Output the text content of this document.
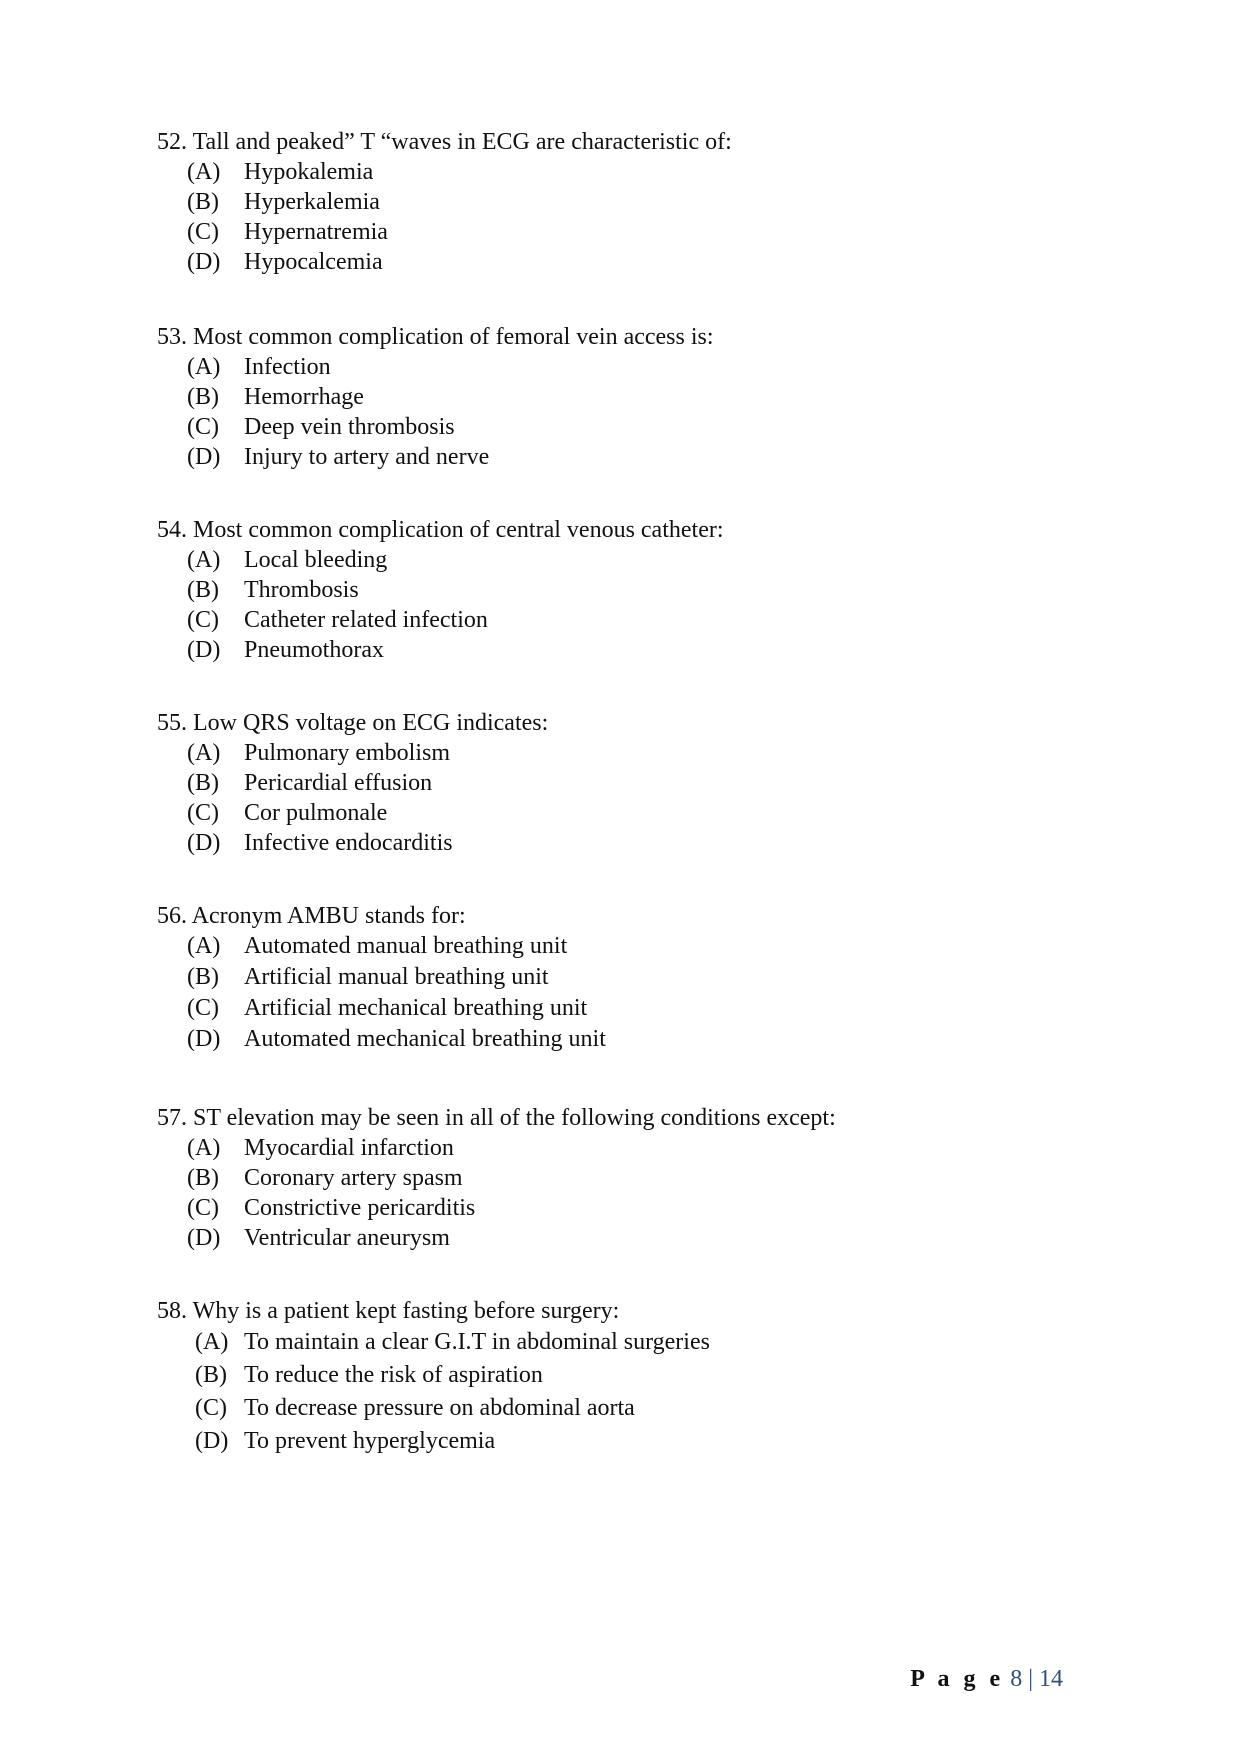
52. Tall and peaked” T “waves in ECG are characteristic of:

(A) Hypokalemia
(B) Hyperkalemia
(C) Hypernatremia
(D) Hypocalcemia

53. Most common complication of femoral vein access is:

(A) Infection
(B) Hemorrhage
(C) Deep vein thrombosis
(D) Injury to artery and nerve

54. Most common complication of central venous catheter:

(A) Local bleeding
(B) Thrombosis
(C) Catheter related infection
(D) Pneumothorax

55. Low QRS voltage on ECG indicates:

(A) Pulmonary embolism
(B) Pericardial effusion
(C) Cor pulmonale
(D) Infective endocarditis

56. Acronym AMBU stands for:

(A) Automated manual breathing unit
(B) Artificial manual breathing unit
(C) Artificial mechanical breathing unit
(D) Automated mechanical breathing unit

57. ST elevation may be seen in all of the following conditions except:

(A) Myocardial infarction
(B) Coronary artery spasm
(C) Constrictive pericarditis
(D) Ventricular aneurysm

58. Why is a patient kept fasting before surgery:

(A) To maintain a clear G.I.T in abdominal surgeries
(B) To reduce the risk of aspiration
(C) To decrease pressure on abdominal aorta
(D) To prevent hyperglycemia
P a g e 8 | 14
